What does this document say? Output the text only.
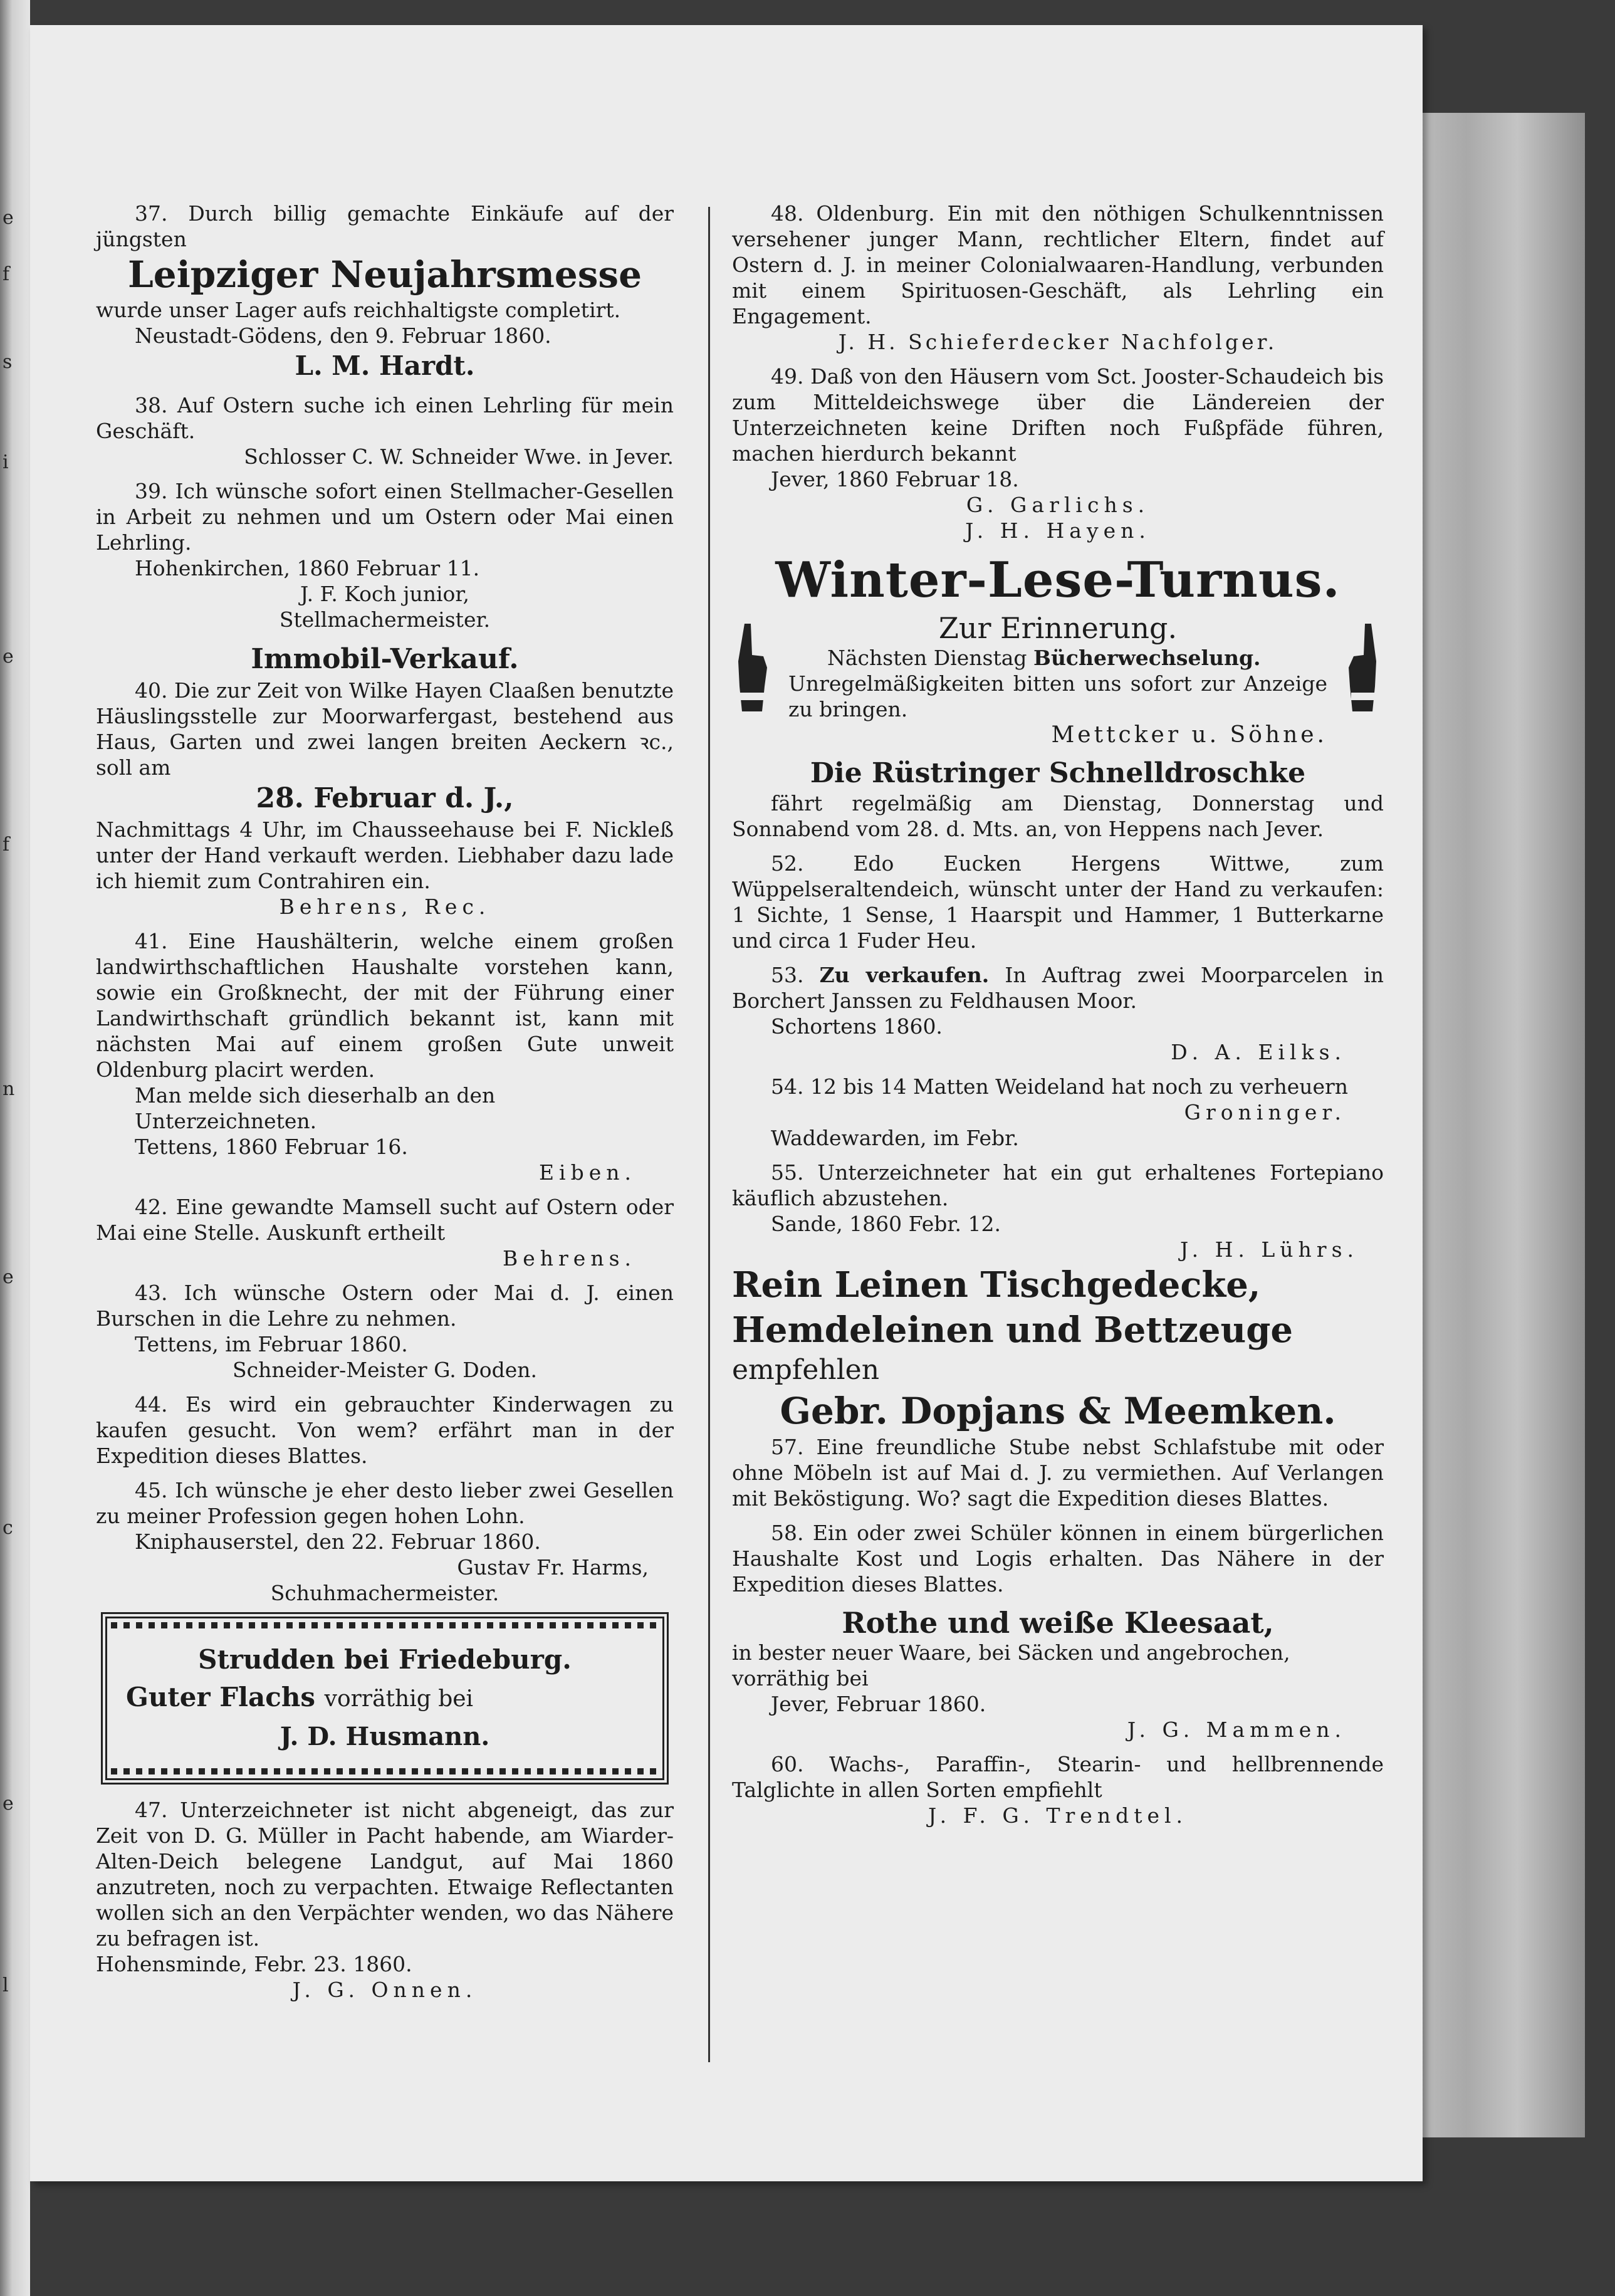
e
f
s
i
e
f
n
e
c
e
l

37. Durch billig gemachte Einkäufe auf der jüngsten

Leipziger Neujahrsmesse

wurde unser Lager aufs reichhaltigste completirt.

Neustadt-Gödens, den 9. Februar 1860.

L. M. Hardt.

38. Auf Ostern suche ich einen Lehrling für mein Geschäft.

Schlosser C. W. Schneider Wwe. in Jever.

39. Ich wünsche sofort einen Stellmacher-Gesellen in Arbeit zu nehmen und um Ostern oder Mai einen Lehrling.

Hohenkirchen, 1860 Februar 11.

J. F. Koch junior,

Stellmachermeister.

Immobil-Verkauf.

40. Die zur Zeit von Wilke Hayen Claaßen benutzte Häuslingsstelle zur Moorwarfergast, bestehend aus Haus, Garten und zwei langen breiten Aeckern ꝛc., soll am

28. Februar d. J.,

Nachmittags 4 Uhr, im Chausseehause bei F. Nickleß unter der Hand verkauft werden. Liebhaber dazu lade ich hiemit zum Contrahiren ein.

Behrens, Rec.

41. Eine Haushälterin, welche einem großen landwirthschaftlichen Haushalte vorstehen kann, sowie ein Großknecht, der mit der Führung einer Landwirthschaft gründlich bekannt ist, kann mit nächsten Mai auf einem großen Gute unweit Oldenburg placirt werden.

Man melde sich dieserhalb an den Unterzeichneten.

Tettens, 1860 Februar 16.

Eiben.

42. Eine gewandte Mamsell sucht auf Ostern oder Mai eine Stelle. Auskunft ertheilt

Behrens.

43. Ich wünsche Ostern oder Mai d. J. einen Burschen in die Lehre zu nehmen.

Tettens, im Februar 1860.

Schneider-Meister G. Doden.

44. Es wird ein gebrauchter Kinderwagen zu kaufen gesucht. Von wem? erfährt man in der Expedition dieses Blattes.

45. Ich wünsche je eher desto lieber zwei Gesellen zu meiner Profession gegen hohen Lohn.

Kniphauserstel, den 22. Februar 1860.

Gustav Fr. Harms,

Schuhmachermeister.

Strudden bei Friedeburg.

Guter Flachs vorräthig bei

J. D. Husmann.

47. Unterzeichneter ist nicht abgeneigt, das zur Zeit von D. G. Müller in Pacht habende, am Wiarder-Alten-Deich belegene Landgut, auf Mai 1860 anzutreten, noch zu verpachten. Etwaige Reflectanten wollen sich an den Verpächter wenden, wo das Nähere zu befragen ist.

Hohensminde, Febr. 23. 1860.

J. G. Onnen.

48. Oldenburg. Ein mit den nöthigen Schulkenntnissen versehener junger Mann, rechtlicher Eltern, findet auf Ostern d. J. in meiner Colonialwaaren-Handlung, verbunden mit einem Spirituosen-Geschäft, als Lehrling ein Engagement.

J. H. Schieferdecker Nachfolger.

49. Daß von den Häusern vom Sct. Jooster-Schaudeich bis zum Mitteldeichswege über die Ländereien der Unterzeichneten keine Driften noch Fußpfäde führen, machen hierdurch bekannt

Jever, 1860 Februar 18.

G. Garlichs.

J. H. Hayen.

Winter-Lese-Turnus.

Zur Erinnerung.

Nächsten Dienstag Bücherwechselung.

Unregelmäßigkeiten bitten uns sofort zur Anzeige zu bringen.

Mettcker u. Söhne.

Die Rüstringer Schnelldroschke

fährt regelmäßig am Dienstag, Donnerstag und Sonnabend vom 28. d. Mts. an, von Heppens nach Jever.

52. Edo Eucken Hergens Wittwe, zum Wüppelseraltendeich, wünscht unter der Hand zu verkaufen: 1 Sichte, 1 Sense, 1 Haarspit und Hammer, 1 Butterkarne und circa 1 Fuder Heu.

53. Zu verkaufen. In Auftrag zwei Moorparcelen in Borchert Janssen zu Feldhausen Moor.

Schortens 1860.

D. A. Eilks.

54. 12 bis 14 Matten Weideland hat noch zu verheuern

Groninger.

Waddewarden, im Febr.

55. Unterzeichneter hat ein gut erhaltenes Fortepiano käuflich abzustehen.

Sande, 1860 Febr. 12.

J. H. Lührs.

Rein Leinen Tischgedecke,

Hemdeleinen und Bettzeuge

empfehlen

Gebr. Dopjans & Meemken.

57. Eine freundliche Stube nebst Schlafstube mit oder ohne Möbeln ist auf Mai d. J. zu vermiethen. Auf Verlangen mit Beköstigung. Wo? sagt die Expedition dieses Blattes.

58. Ein oder zwei Schüler können in einem bürgerlichen Haushalte Kost und Logis erhalten. Das Nähere in der Expedition dieses Blattes.

Rothe und weiße Kleesaat,

in bester neuer Waare, bei Säcken und angebrochen, vorräthig bei

Jever, Februar 1860.

J. G. Mammen.

60. Wachs-, Paraffin-, Stearin- und hellbrennende Talglichte in allen Sorten empfiehlt

J. F. G. Trendtel.
